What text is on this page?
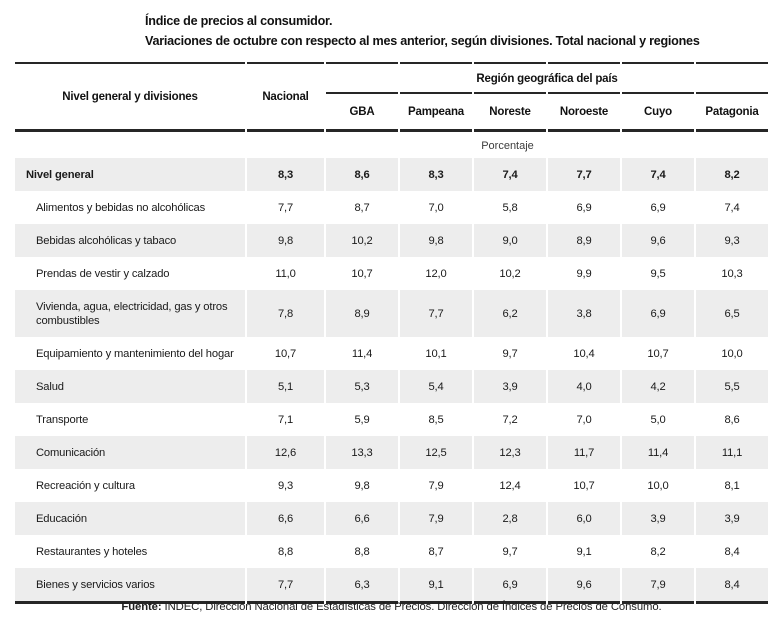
Índice de precios al consumidor.
Variaciones de octubre con respecto al mes anterior, según divisiones. Total nacional y regiones

Nivel general y divisiones	Nacional	Región geográfica del país					
		GBA	Pampeana	Noreste	Noroeste	Cuyo	Patagonia
	Porcentaje						
Nivel general	8,3	8,6	8,3	7,4	7,7	7,4	8,2
Alimentos y bebidas no alcohólicas	7,7	8,7	7,0	5,8	6,9	6,9	7,4
Bebidas alcohólicas y tabaco	9,8	10,2	9,8	9,0	8,9	9,6	9,3
Prendas de vestir y calzado	11,0	10,7	12,0	10,2	9,9	9,5	10,3
Vivienda, agua, electricidad, gas y otros combustibles	7,8	8,9	7,7	6,2	3,8	6,9	6,5
Equipamiento y mantenimiento del hogar	10,7	11,4	10,1	9,7	10,4	10,7	10,0
Salud	5,1	5,3	5,4	3,9	4,0	4,2	5,5
Transporte	7,1	5,9	8,5	7,2	7,0	5,0	8,6
Comunicación	12,6	13,3	12,5	12,3	11,7	11,4	11,1
Recreación y cultura	9,3	9,8	7,9	12,4	10,7	10,0	8,1
Educación	6,6	6,6	7,9	2,8	6,0	3,9	3,9
Restaurantes y hoteles	8,8	8,8	8,7	9,7	9,1	8,2	8,4
Bienes y servicios varios	7,7	6,3	9,1	6,9	9,6	7,9	8,4
Fuente: INDEC, Dirección Nacional de Estadísticas de Precios. Dirección de Índices de Precios de Consumo.
